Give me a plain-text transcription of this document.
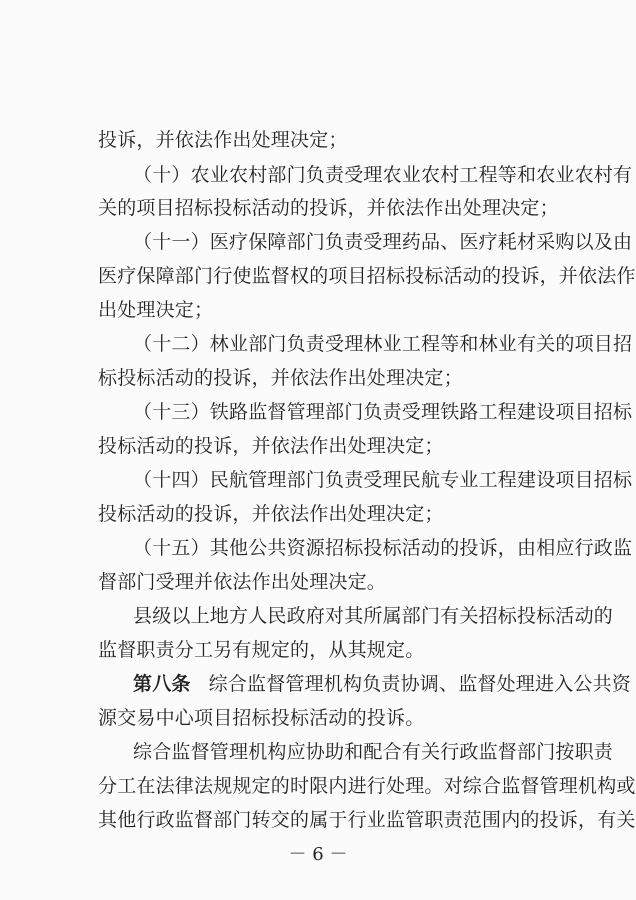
投诉，并依法作出处理决定；
（十）农业农村部门负责受理农业农村工程等和农业农村有
关的项目招标投标活动的投诉，并依法作出处理决定；
（十一）医疗保障部门负责受理药品、医疗耗材采购以及由
医疗保障部门行使监督权的项目招标投标活动的投诉，并依法作
出处理决定；
（十二）林业部门负责受理林业工程等和林业有关的项目招
标投标活动的投诉，并依法作出处理决定；
（十三）铁路监督管理部门负责受理铁路工程建设项目招标
投标活动的投诉，并依法作出处理决定；
（十四）民航管理部门负责受理民航专业工程建设项目招标
投标活动的投诉，并依法作出处理决定；
（十五）其他公共资源招标投标活动的投诉，由相应行政监
督部门受理并依法作出处理决定。
县级以上地方人民政府对其所属部门有关招标投标活动的
监督职责分工另有规定的，从其规定。
第八条 综合监督管理机构负责协调、监督处理进入公共资
源交易中心项目招标投标活动的投诉。
综合监督管理机构应协助和配合有关行政监督部门按职责
分工在法律法规规定的时限内进行处理。对综合监督管理机构或
其他行政监督部门转交的属于行业监管职责范围内的投诉，有关
－ 6 －
